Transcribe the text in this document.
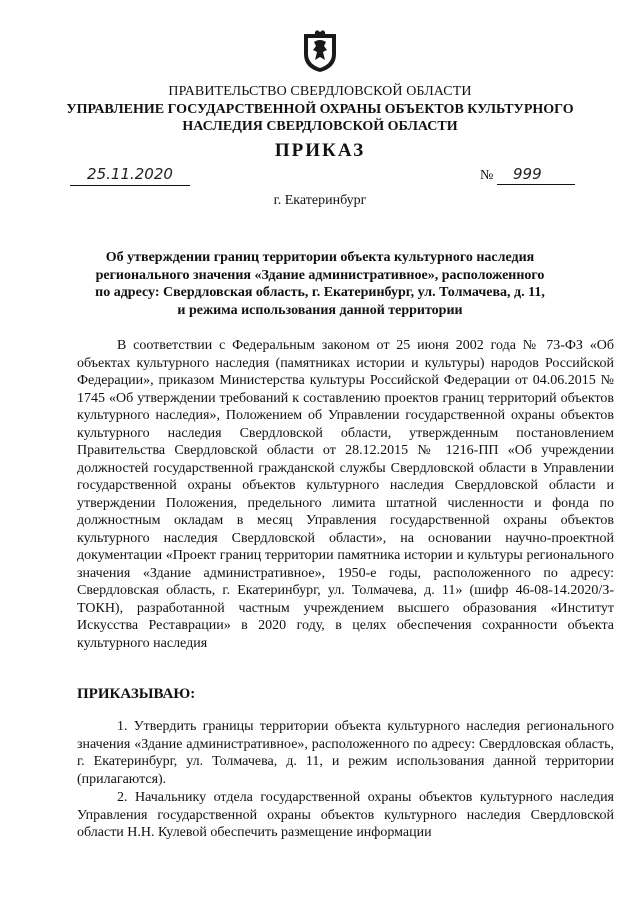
ПРАВИТЕЛЬСТВО СВЕРДЛОВСКОЙ ОБЛАСТИ
УПРАВЛЕНИЕ ГОСУДАРСТВЕННОЙ ОХРАНЫ ОБЪЕКТОВ КУЛЬТУРНОГО НАСЛЕДИЯ СВЕРДЛОВСКОЙ ОБЛАСТИ
ПРИКАЗ
25.11.2020	№	999
г. Екатеринбург
Об утверждении границ территории объекта культурного наследия регионального значения «Здание административное», расположенного по адресу: Свердловская область, г. Екатеринбург, ул. Толмачева, д. 11, и режима использования данной территории

В соответствии с Федеральным законом от 25 июня 2002 года № 73-ФЗ «Об объектах культурного наследия (памятниках истории и культуры) народов Российской Федерации», приказом Министерства культуры Российской Федерации от 04.06.2015 № 1745 «Об утверждении требований к составлению проектов границ территорий объектов культурного наследия», Положением об Управлении государственной охраны объектов культурного наследия Свердловской области, утвержденным постановлением Правительства Свердловской области от 28.12.2015 № 1216-ПП «Об учреждении должностей государственной гражданской службы Свердловской области в Управлении государственной охраны объектов культурного наследия Свердловской области и утверждении Положения, предельного лимита штатной численности и фонда по должностным окладам в месяц Управления государственной охраны объектов культурного наследия Свердловской области», на основании научно-проектной документации «Проект границ территории памятника истории и культуры регионального значения «Здание административное», 1950-е годы, расположенного по адресу: Свердловская область, г. Екатеринбург, ул. Толмачева, д. 11» (шифр 46-08-14.2020/З-ТОКН), разработанной частным учреждением высшего образования «Институт Искусства Реставрации» в 2020 году, в целях обеспечения сохранности объекта культурного наследия

ПРИКАЗЫВАЮ:

1. Утвердить границы территории объекта культурного наследия регионального значения «Здание административное», расположенного по адресу: Свердловская область, г. Екатеринбург, ул. Толмачева, д. 11, и режим использования данной территории (прилагаются).

2. Начальнику отдела государственной охраны объектов культурного наследия Управления государственной охраны объектов культурного наследия Свердловской области Н.Н. Кулевой обеспечить размещение информации
